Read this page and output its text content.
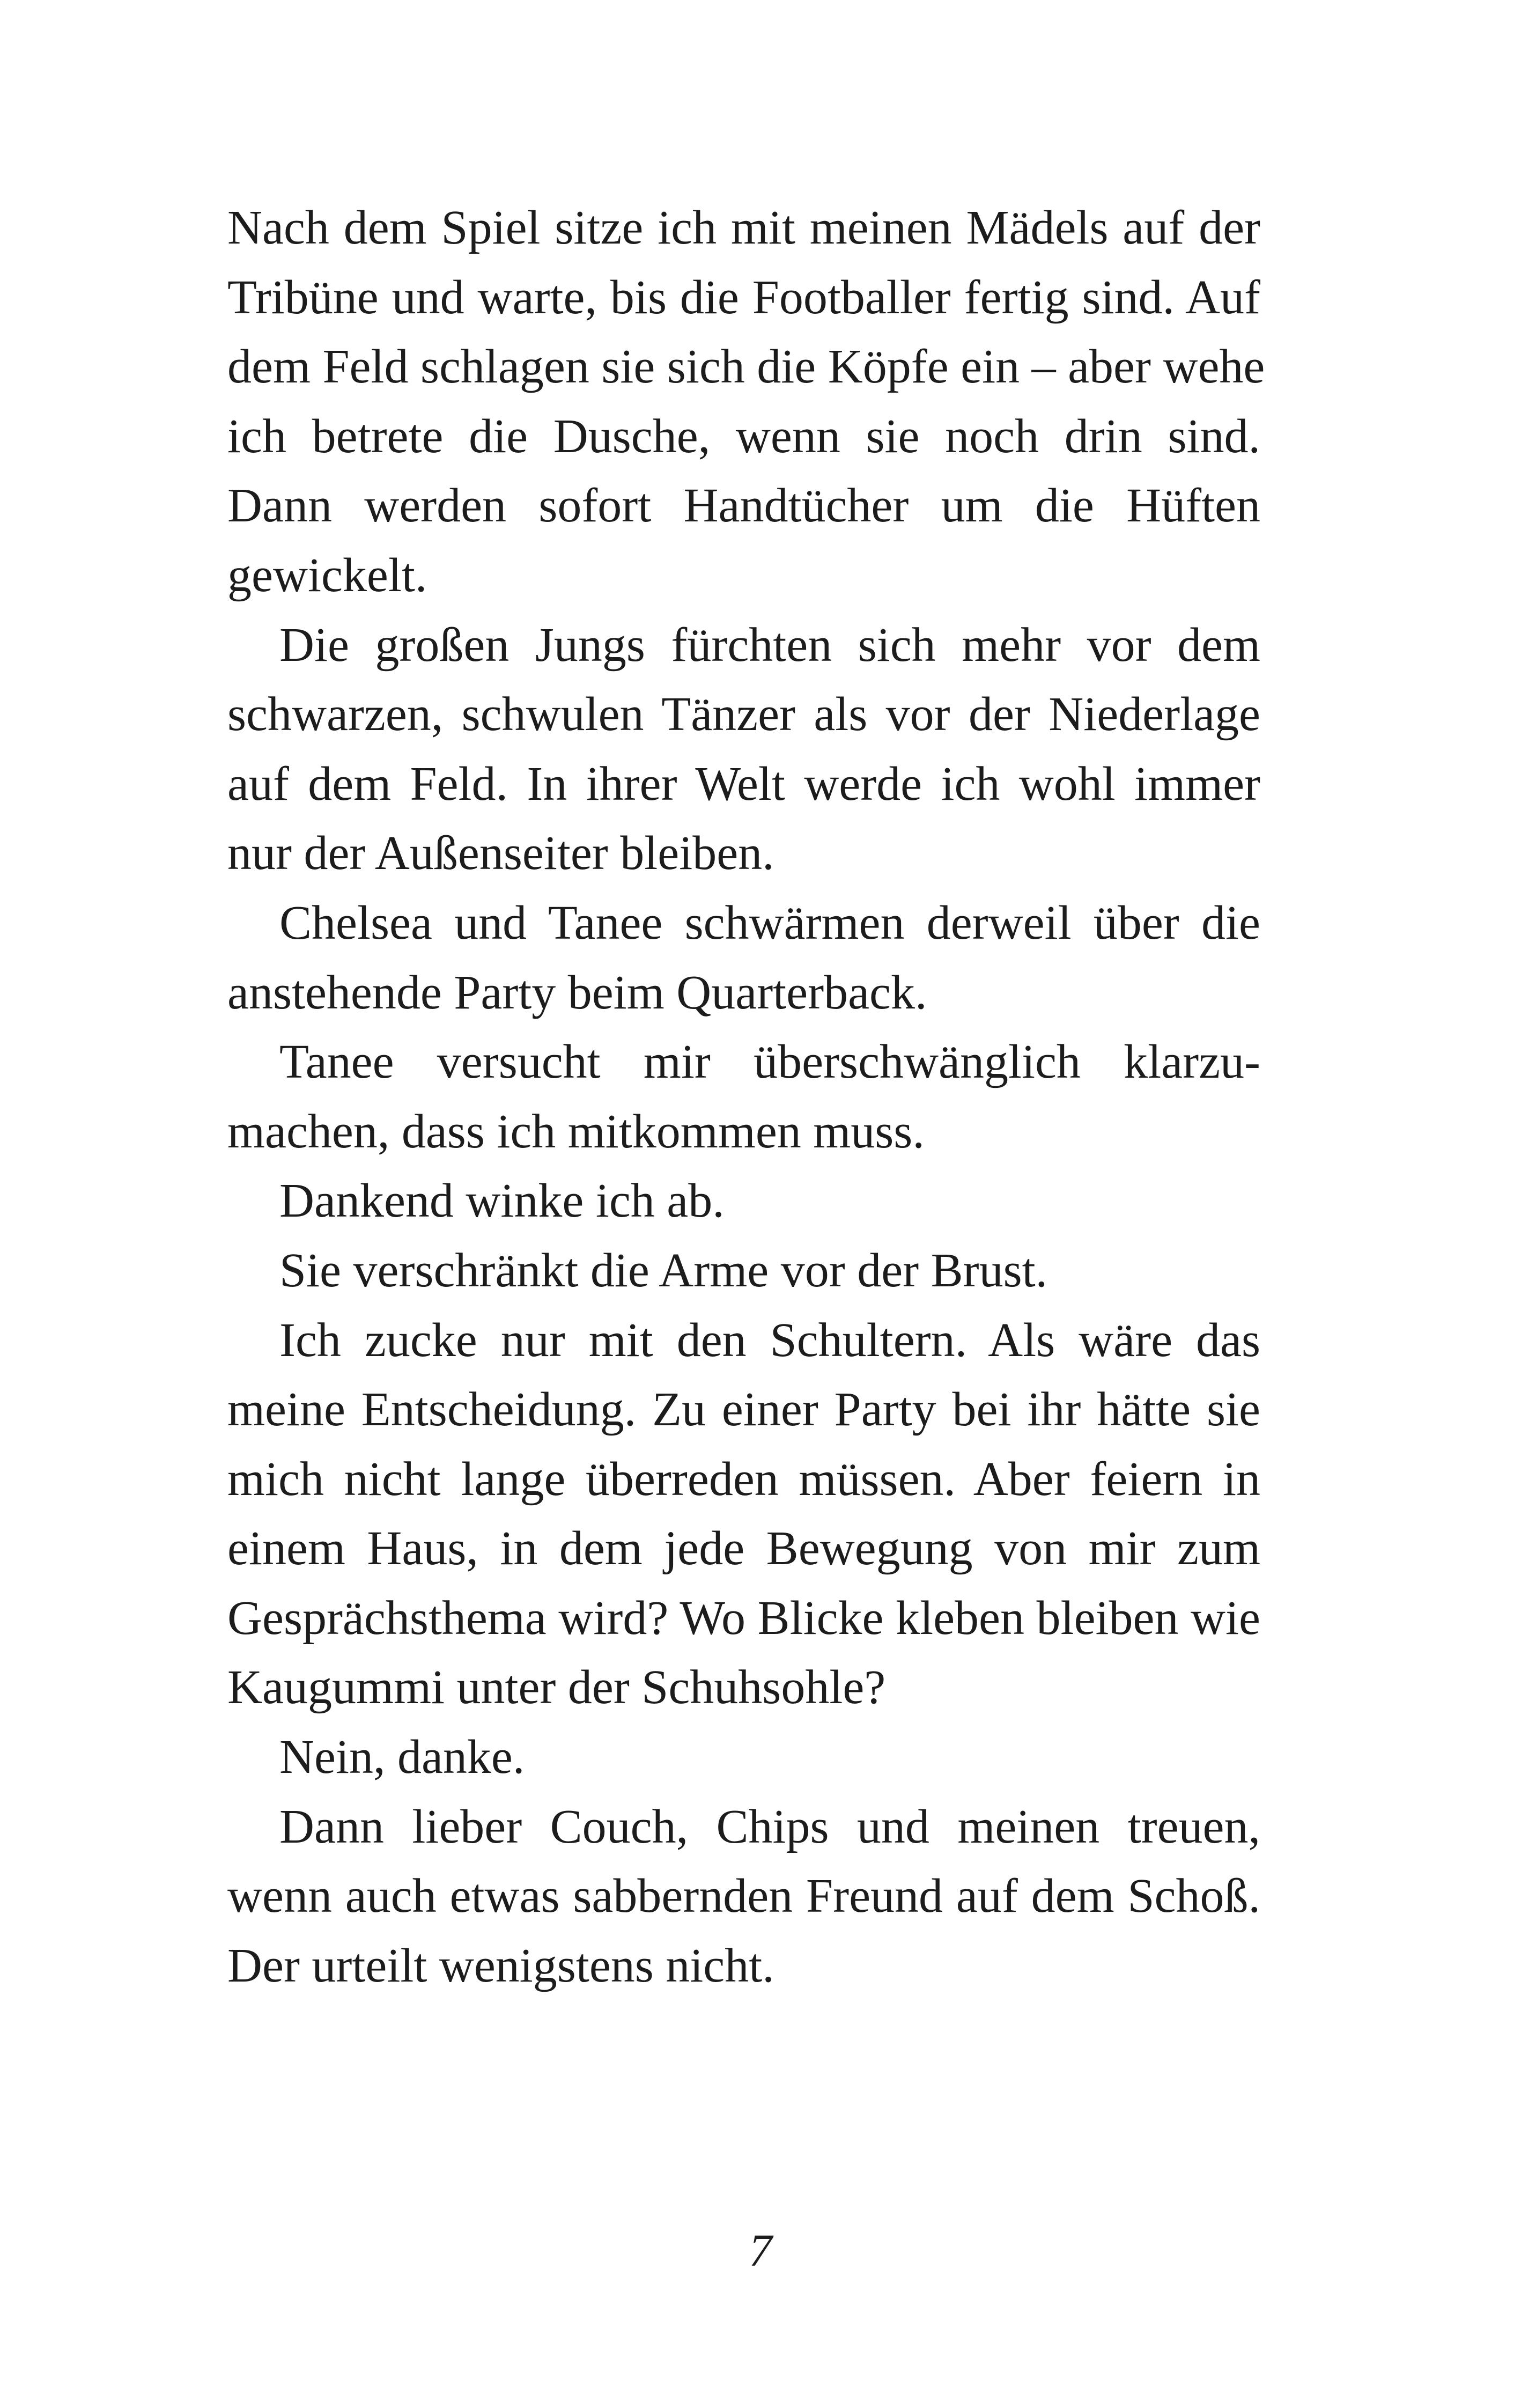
Nach dem Spiel sitze ich mit meinen Mädels auf der
Tribüne und warte, bis die Footballer fertig sind. Auf
dem Feld schlagen sie sich die Köpfe ein – aber wehe
ich betrete die Dusche, wenn sie noch drin sind.
Dann werden sofort Handtücher um die Hüften
gewickelt.
Die großen Jungs fürchten sich mehr vor dem
schwarzen, schwulen Tänzer als vor der Niederlage
auf dem Feld. In ihrer Welt werde ich wohl immer
nur der Außenseiter bleiben.
Chelsea und Tanee schwärmen derweil über die
anstehende Party beim Quarterback.
Tanee versucht mir überschwänglich klarzu-
machen, dass ich mitkommen muss.
Dankend winke ich ab.
Sie verschränkt die Arme vor der Brust.
Ich zucke nur mit den Schultern. Als wäre das
meine Entscheidung. Zu einer Party bei ihr hätte sie
mich nicht lange überreden müssen. Aber feiern in
einem Haus, in dem jede Bewegung von mir zum
Gesprächsthema wird? Wo Blicke kleben bleiben wie
Kaugummi unter der Schuhsohle?
Nein, danke.
Dann lieber Couch, Chips und meinen treuen,
wenn auch etwas sabbernden Freund auf dem Schoß.
Der urteilt wenigstens nicht.
7
